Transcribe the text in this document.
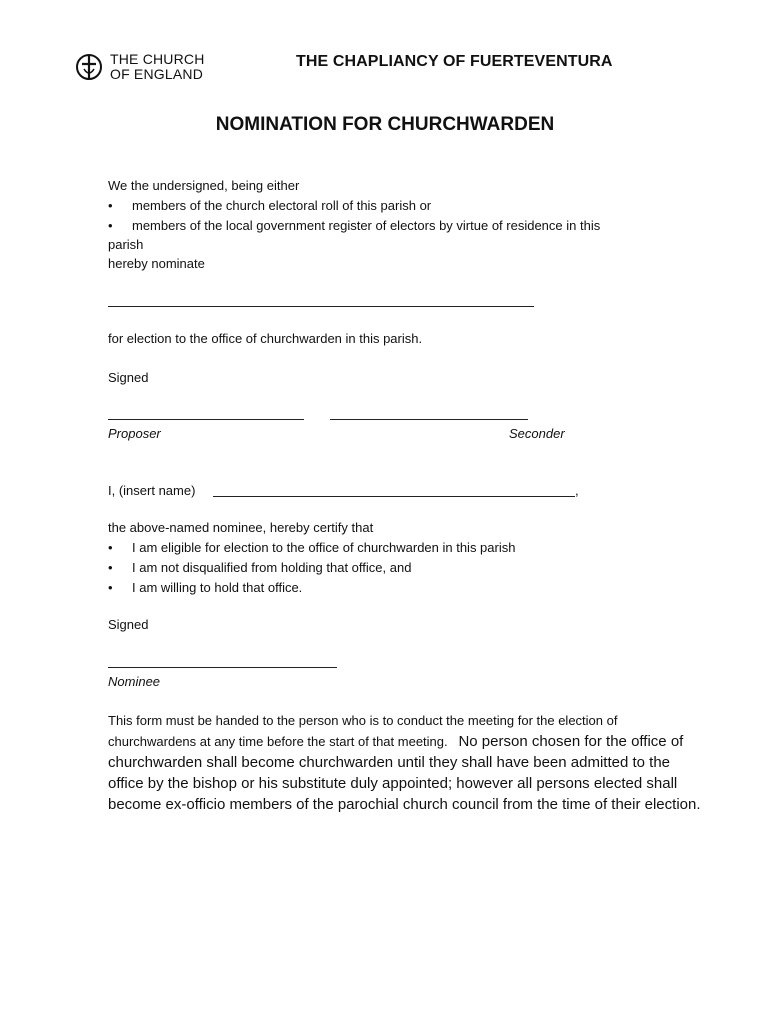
THE CHURCH
OF ENGLAND
THE CHAPLIANCY OF FUERTEVENTURA
NOMINATION FOR CHURCHWARDEN
We the undersigned, being either
• members of the church electoral roll of this parish or
• members of the local government register of electors by virtue of residence in this
parish
hereby nominate
for election to the office of churchwarden in this parish.
Signed
Proposer	Seconder
I, (insert name)	,
the above-named nominee, hereby certify that
• I am eligible for election to the office of churchwarden in this parish
• I am not disqualified from holding that office, and
• I am willing to hold that office.
Signed
Nominee
This form must be handed to the person who is to conduct the meeting for the election of churchwardens at any time before the start of that meeting. No person chosen for the office of churchwarden shall become churchwarden until they shall have been admitted to the office by the bishop or his substitute duly appointed; however all persons elected shall become ex-officio members of the parochial church council from the time of their election.
